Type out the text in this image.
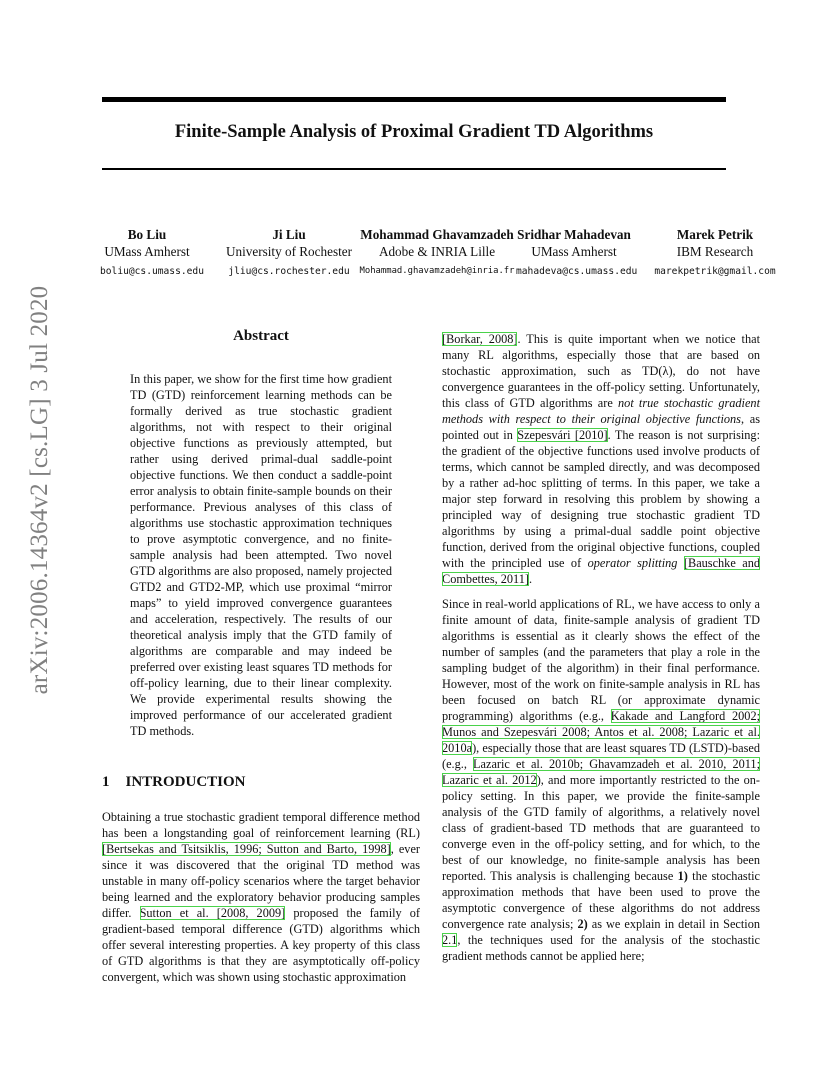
arXiv:2006.14364v2 [cs.LG] 3 Jul 2020
Finite-Sample Analysis of Proximal Gradient TD Algorithms
Bo Liu
UMass Amherst
boliu@cs.umass.edu
Ji Liu
University of Rochester
jliu@cs.rochester.edu
Mohammad Ghavamzadeh
Adobe & INRIA Lille
Mohammad.ghavamzadeh@inria.fr
Sridhar Mahadevan
UMass Amherst
mahadeva@cs.umass.edu
Marek Petrik
IBM Research
marekpetrik@gmail.com
Abstract

In this paper, we show for the first time how gradient TD (GTD) reinforcement learning methods can be formally derived as true stochastic gradient algorithms, not with respect to their original objective functions as previously attempted, but rather using derived primal-dual saddle-point objective functions. We then conduct a saddle-point error analysis to obtain finite-sample bounds on their performance. Previous analyses of this class of algorithms use stochastic approximation techniques to prove asymptotic convergence, and no finite-sample analysis had been attempted. Two novel GTD algorithms are also proposed, namely projected GTD2 and GTD2-MP, which use proximal “mirror maps” to yield improved convergence guarantees and acceleration, respectively. The results of our theoretical analysis imply that the GTD family of algorithms are comparable and may indeed be preferred over existing least squares TD methods for off-policy learning, due to their linear complexity. We provide experimental results showing the improved performance of our accelerated gradient TD methods.

1 INTRODUCTION

Obtaining a true stochastic gradient temporal difference method has been a longstanding goal of reinforcement learning (RL) [Bertsekas and Tsitsiklis, 1996; Sutton and Barto, 1998], ever since it was discovered that the original TD method was unstable in many off-policy scenarios where the target behavior being learned and the exploratory behavior producing samples differ. Sutton et al. [2008, 2009] proposed the family of gradient-based temporal difference (GTD) algorithms which offer several interesting properties. A key property of this class of GTD algorithms is that they are asymptotically off-policy convergent, which was shown using stochastic approximation

[Borkar, 2008]. This is quite important when we notice that many RL algorithms, especially those that are based on stochastic approximation, such as TD(λ), do not have convergence guarantees in the off-policy setting. Unfortunately, this class of GTD algorithms are not true stochastic gradient methods with respect to their original objective functions, as pointed out in Szepesvári [2010]. The reason is not surprising: the gradient of the objective functions used involve products of terms, which cannot be sampled directly, and was decomposed by a rather ad-hoc splitting of terms. In this paper, we take a major step forward in resolving this problem by showing a principled way of designing true stochastic gradient TD algorithms by using a primal-dual saddle point objective function, derived from the original objective functions, coupled with the principled use of operator splitting [Bauschke and Combettes, 2011].

Since in real-world applications of RL, we have access to only a finite amount of data, finite-sample analysis of gradient TD algorithms is essential as it clearly shows the effect of the number of samples (and the parameters that play a role in the sampling budget of the algorithm) in their final performance. However, most of the work on finite-sample analysis in RL has been focused on batch RL (or approximate dynamic programming) algorithms (e.g., Kakade and Langford 2002; Munos and Szepesvári 2008; Antos et al. 2008; Lazaric et al. 2010a), especially those that are least squares TD (LSTD)-based (e.g., Lazaric et al. 2010b; Ghavamzadeh et al. 2010, 2011; Lazaric et al. 2012), and more importantly restricted to the on-policy setting. In this paper, we provide the finite-sample analysis of the GTD family of algorithms, a relatively novel class of gradient-based TD methods that are guaranteed to converge even in the off-policy setting, and for which, to the best of our knowledge, no finite-sample analysis has been reported. This analysis is challenging because 1) the stochastic approximation methods that have been used to prove the asymptotic convergence of these algorithms do not address convergence rate analysis; 2) as we explain in detail in Section 2.1, the techniques used for the analysis of the stochastic gradient methods cannot be applied here;
